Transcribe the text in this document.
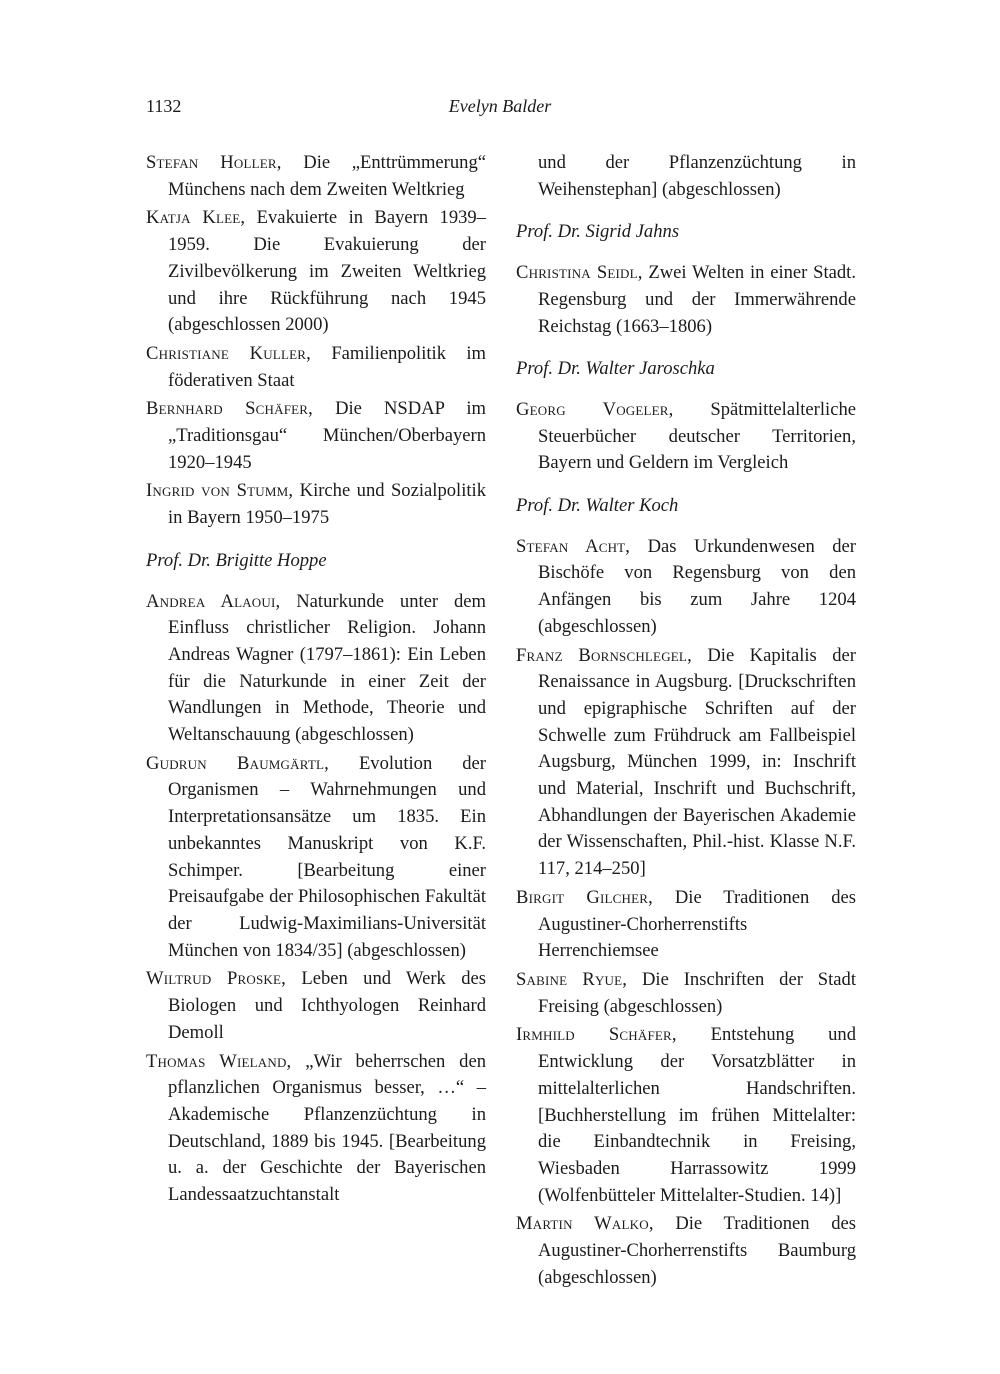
1132	Evelyn Balder
Stefan Holler, Die „Enttrümmerung“ Münchens nach dem Zweiten Weltkrieg
Katja Klee, Evakuierte in Bayern 1939–1959. Die Evakuierung der Zivilbevölkerung im Zweiten Weltkrieg und ihre Rückführung nach 1945 (abgeschlossen 2000)
Christiane Kuller, Familienpolitik im föderativen Staat
Bernhard Schäfer, Die NSDAP im „Traditionsgau“ München/Oberbayern 1920–1945
Ingrid von Stumm, Kirche und Sozialpolitik in Bayern 1950–1975
Prof. Dr. Brigitte Hoppe
Andrea Alaoui, Naturkunde unter dem Einfluss christlicher Religion. Johann Andreas Wagner (1797–1861): Ein Leben für die Naturkunde in einer Zeit der Wandlungen in Methode, Theorie und Weltanschauung (abgeschlossen)
Gudrun Baumgärtl, Evolution der Organismen – Wahrnehmungen und Interpretationsansätze um 1835. Ein unbekanntes Manuskript von K.F. Schimper. [Bearbeitung einer Preisaufgabe der Philosophischen Fakultät der Ludwig-Maximilians-Universität München von 1834/35] (abgeschlossen)
Wiltrud Proske, Leben und Werk des Biologen und Ichthyologen Reinhard Demoll
Thomas Wieland, „Wir beherrschen den pflanzlichen Organismus besser, …“ – Akademische Pflanzenzüchtung in Deutschland, 1889 bis 1945. [Bearbeitung u. a. der Geschichte der Bayerischen Landessaatzuchtanstalt
und der Pflanzenzüchtung in Weihenstephan] (abgeschlossen)
Prof. Dr. Sigrid Jahns
Christina Seidl, Zwei Welten in einer Stadt. Regensburg und der Immerwährende Reichstag (1663–1806)
Prof. Dr. Walter Jaroschka
Georg Vogeler, Spätmittelalterliche Steuerbücher deutscher Territorien, Bayern und Geldern im Vergleich
Prof. Dr. Walter Koch
Stefan Acht, Das Urkundenwesen der Bischöfe von Regensburg von den Anfängen bis zum Jahre 1204 (abgeschlossen)
Franz Bornschlegel, Die Kapitalis der Renaissance in Augsburg. [Druckschriften und epigraphische Schriften auf der Schwelle zum Frühdruck am Fallbeispiel Augsburg, München 1999, in: Inschrift und Material, Inschrift und Buchschrift, Abhandlungen der Bayerischen Akademie der Wissenschaften, Phil.-hist. Klasse N.F. 117, 214–250]
Birgit Gilcher, Die Traditionen des Augustiner-Chorherrenstifts Herrenchiemsee
Sabine Ryue, Die Inschriften der Stadt Freising (abgeschlossen)
Irmhild Schäfer, Entstehung und Entwicklung der Vorsatzblätter in mittelalterlichen Handschriften. [Buchherstellung im frühen Mittelalter: die Einbandtechnik in Freising, Wiesbaden Harrassowitz 1999 (Wolfenbütteler Mittelalter-Studien. 14)]
Martin Walko, Die Traditionen des Augustiner-Chorherrenstifts Baumburg (abgeschlossen)
